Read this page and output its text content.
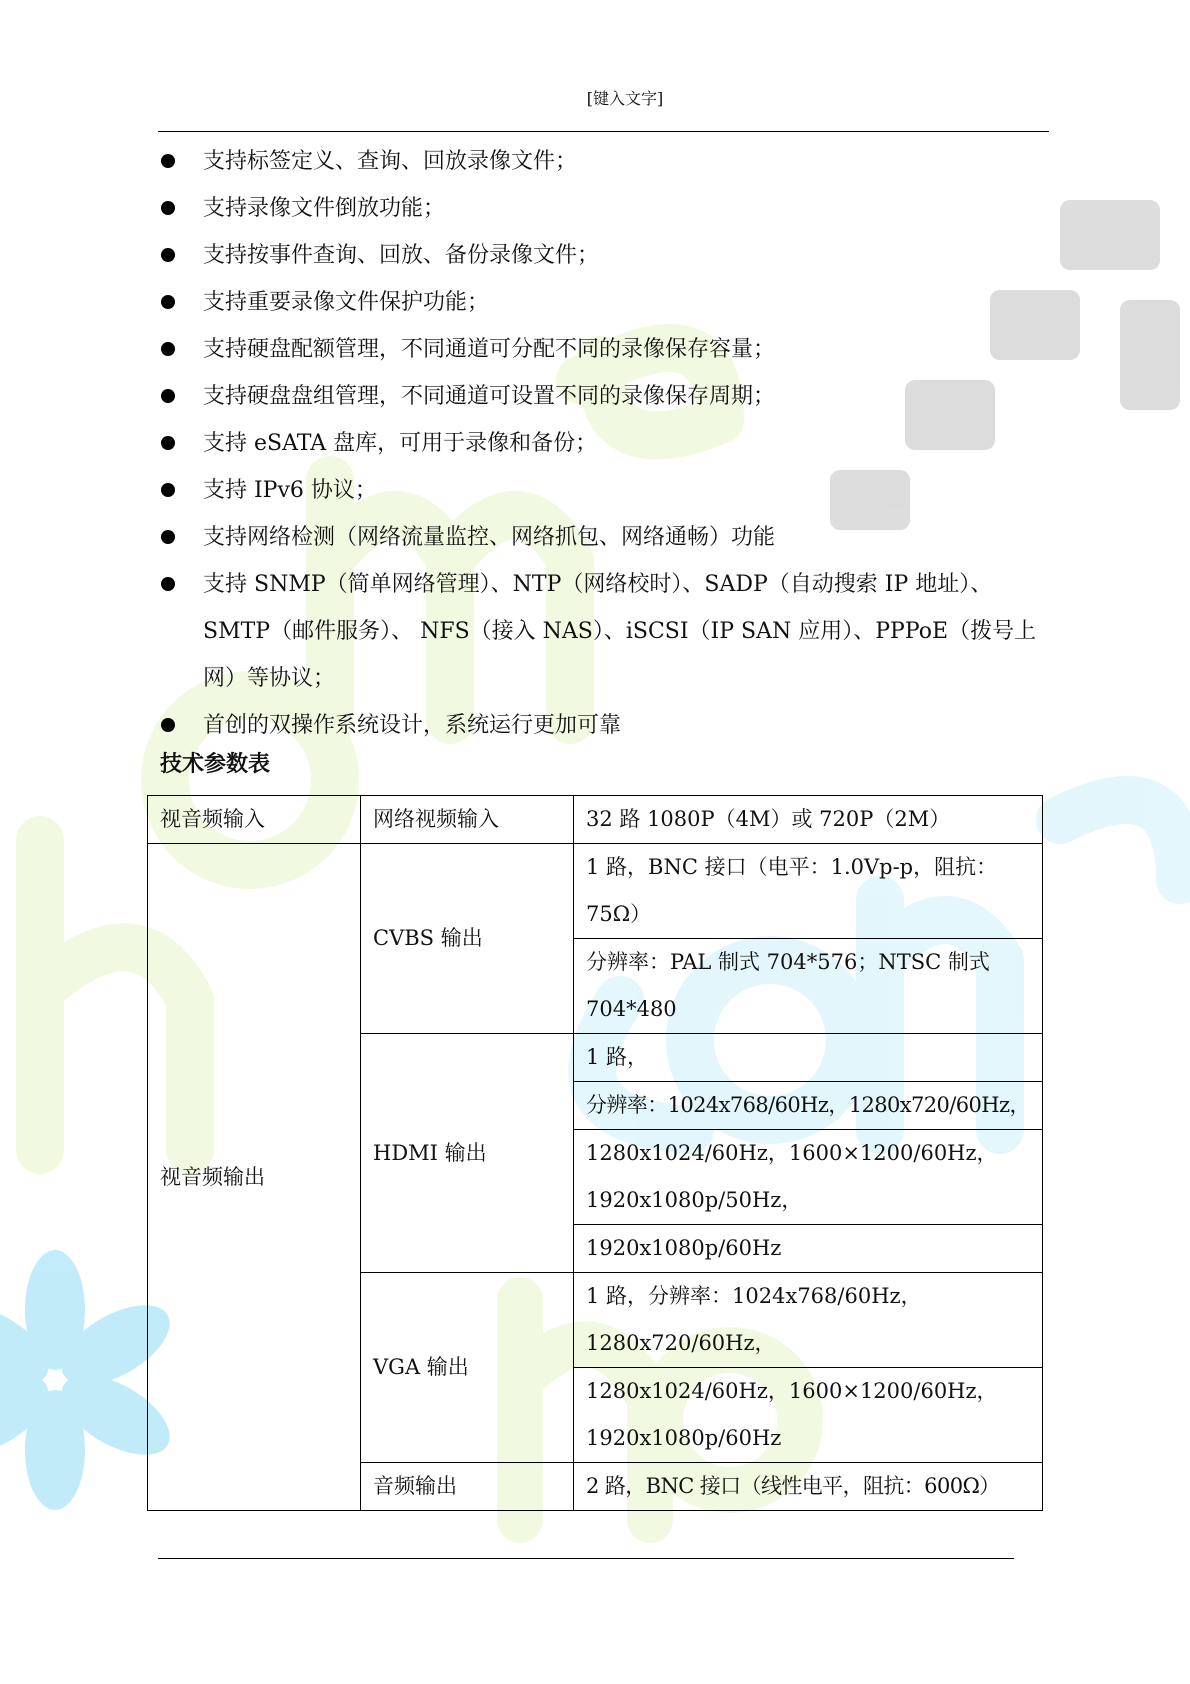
[键入文字]
支持标签定义、查询、回放录像文件；
支持录像文件倒放功能；
支持按事件查询、回放、备份录像文件；
支持重要录像文件保护功能；
支持硬盘配额管理，不同通道可分配不同的录像保存容量；
支持硬盘盘组管理，不同通道可设置不同的录像保存周期；
支持 eSATA 盘库，可用于录像和备份；
支持 IPv6 协议；
支持网络检测（网络流量监控、网络抓包、网络通畅）功能
支持 SNMP（简单网络管理）、NTP（网络校时）、SADP（自动搜索 IP 地址）、SMTP（邮件服务）、 NFS（接入 NAS）、iSCSI（IP SAN 应用）、PPPoE（拨号上网）等协议；
首创的双操作系统设计，系统运行更加可靠
技术参数表
视音频输入	网络视频输入	32 路 1080P（4M）或 720P（2M）
视音频输出	CVBS 输出	1 路，BNC 接口（电平：1.0Vp-p，阻抗：75Ω）
		分辨率：PAL 制式 704*576；NTSC 制式 704*480
	HDMI 输出	1 路，
		分辨率：1024x768/60Hz，1280x720/60Hz，
		1280x1024/60Hz，1600×1200/60Hz，1920x1080p/50Hz，
		1920x1080p/60Hz
	VGA 输出	1 路，分辨率：1024x768/60Hz，1280x720/60Hz，
		1280x1024/60Hz，1600×1200/60Hz，1920x1080p/60Hz
	音频输出	2 路，BNC 接口（线性电平，阻抗：600Ω）
